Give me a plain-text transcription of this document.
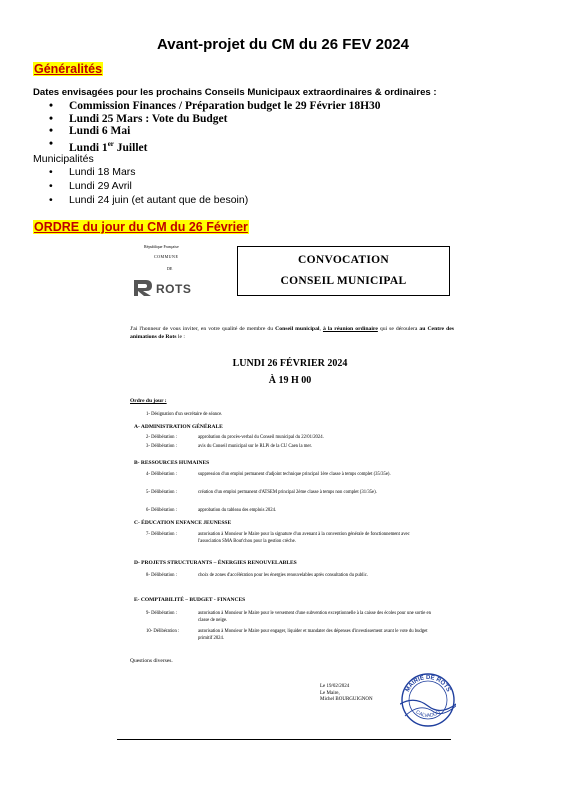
Avant-projet du CM du 26 FEV 2024
Généralités
Dates envisagées pour les prochains Conseils Municipaux extraordinaires & ordinaires :
• Commission Finances / Préparation budget le 29 Février 18H30
• Lundi 25 Mars : Vote du Budget
• Lundi 6 Mai
• Lundi 1er Juillet
Municipalités
• Lundi 18 Mars
• Lundi 29 Avril
• Lundi 24 juin (et autant que de besoin)
ORDRE du jour du CM du 26 Février
République Française
COMMUNE
DE
ROTS
CONVOCATION
CONSEIL MUNICIPAL
J'ai l'honneur de vous inviter, en votre qualité de membre du Conseil municipal, à la réunion ordinaire qui se déroulera au Centre des animations de Rots le :
LUNDI 26 FÉVRIER 2024
À 19 H 00
Ordre du jour :
1- Désignation d'un secrétaire de séance.
A- ADMINISTRATION GÉNÉRALE
2- Délibération :	approbation du procès-verbal du Conseil municipal du 22/01/2024.
3- Délibération :	avis du Conseil municipal sur le RLPi de la CU Caen la mer.
B- RESSOURCES HUMAINES
4- Délibération :	suppression d'un emploi permanent d'adjoint technique principal 1ère classe à temps complet (35/35e).
5- Délibération :	création d'un emploi permanent d'ATSEM principal 2ème classe à temps non complet (31/35e).
6- Délibération :	approbation du tableau des emplois 2024.
C- ÉDUCATION ENFANCE JEUNESSE
7- Délibération :	autorisation à Monsieur le Maire pour la signature d'un avenant à la convention générale de fonctionnement avec l'association SMA Bout'chou pour la gestion crèche.
D- PROJETS STRUCTURANTS – ÉNERGIES RENOUVELABLES
8- Délibération :	choix de zones d'accélération pour les énergies renouvelables après consultation du public.
E- COMPTABILITÉ – BUDGET - FINANCES
9- Délibération :	autorisation à Monsieur le Maire pour le versement d'une subvention exceptionnelle à la caisse des écoles pour une sortie en classe de neige.
10- Délibération :	autorisation à Monsieur le Maire pour engager, liquider et mandater des dépenses d'investissement avant le vote du budget primitif 2024.
Questions diverses.
Le 19/02/2024
Le Maire,
Michel BOURGUIGNON
MAIRIE DE ROTS
CALVADOS
